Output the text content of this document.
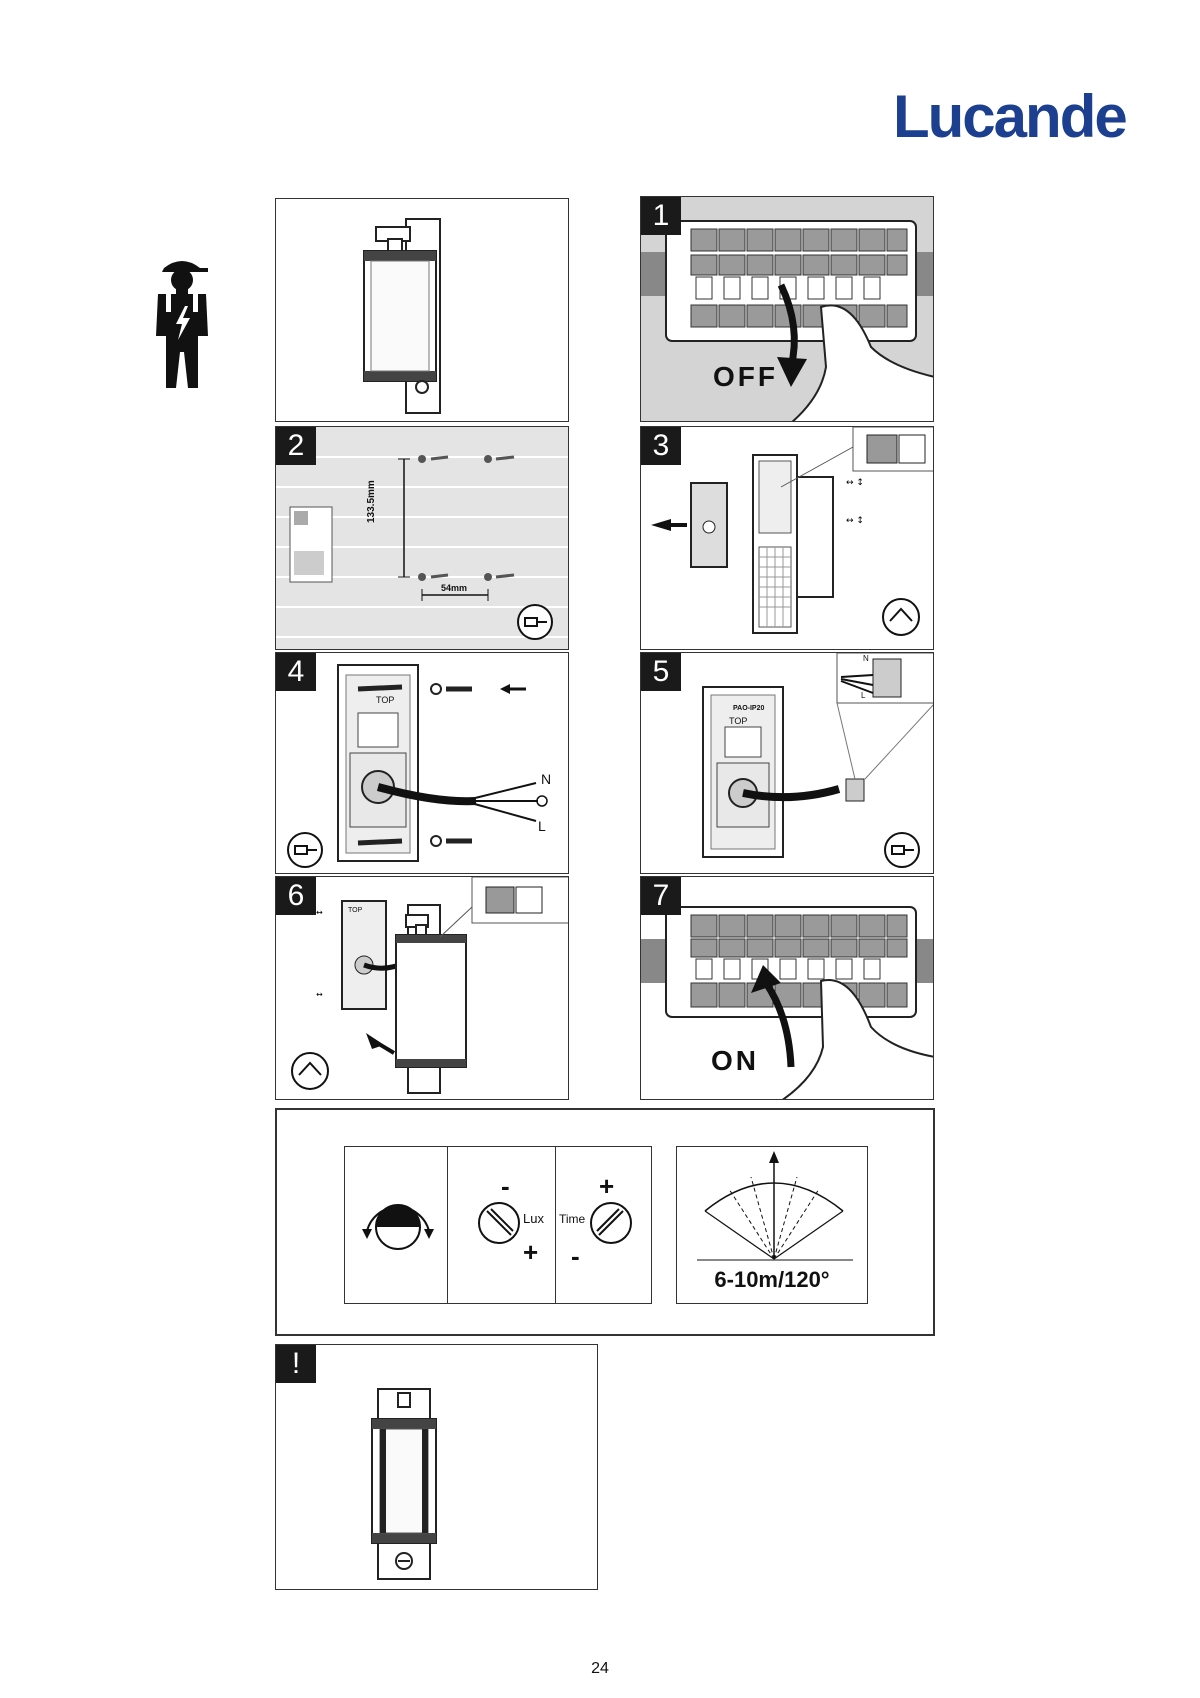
Lucande
1
OFF
2
133.5mm
54mm
3
↔ ↕
↔ ↕
4
TOP
N
L
5
PAO-IP20
TOP
N
L
6
↔
↔
TOP	7
ON
-
Lux
+
Time
+
-
6-10m/120°
!
24
